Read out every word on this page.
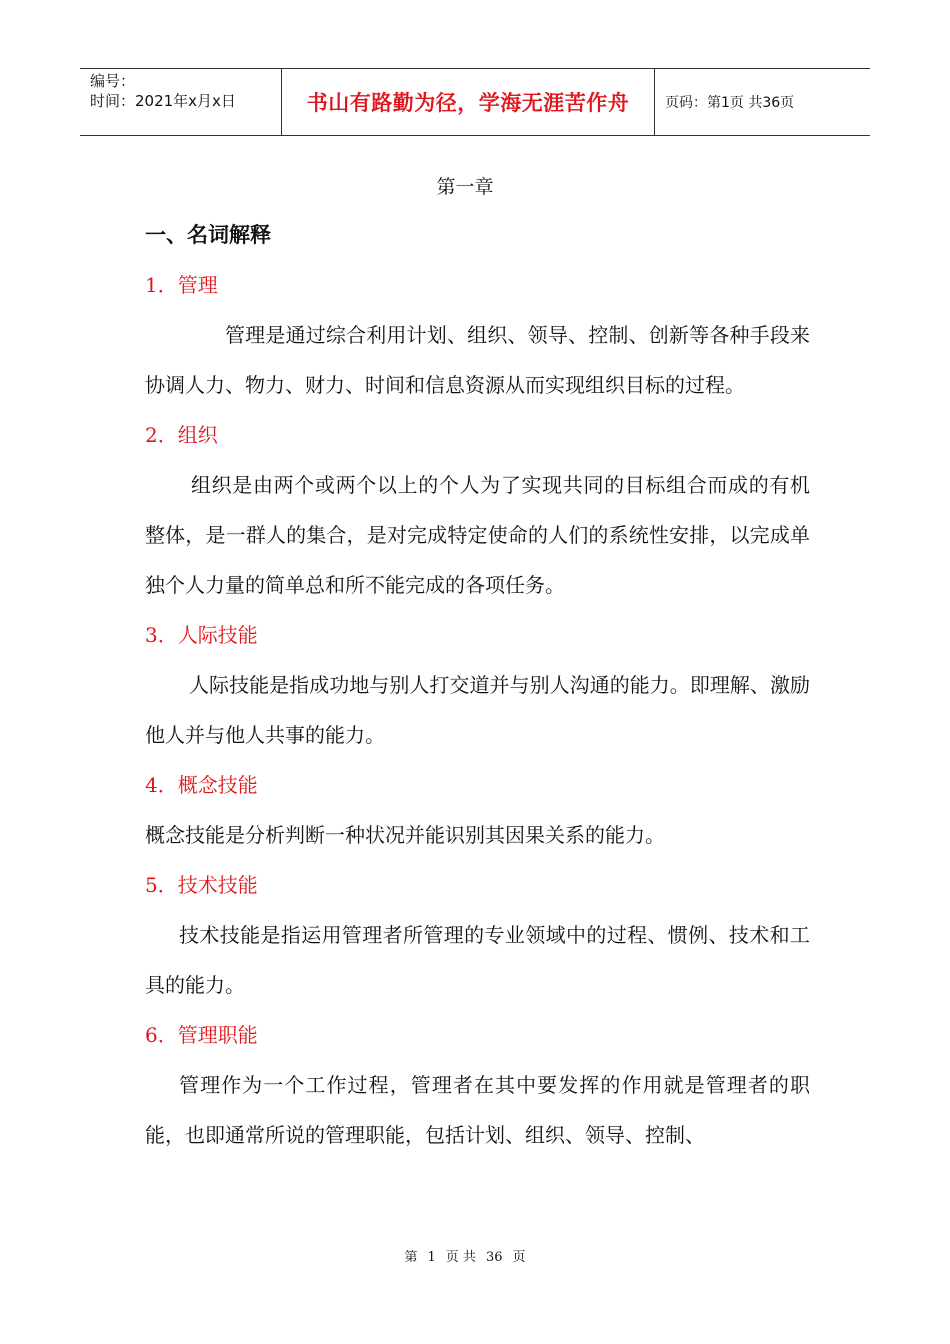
编号：
时间：2021年x月x日	书山有路勤为径，学海无涯苦作舟	页码：第1页 共36页
第一章
一、名词解释
1．管理

管理是通过综合利用计划、组织、领导、控制、创新等各种手段来协调人力、物力、财力、时间和信息资源从而实现组织目标的过程。

2．组织

组织是由两个或两个以上的个人为了实现共同的目标组合而成的有机整体，是一群人的集合，是对完成特定使命的人们的系统性安排，以完成单独个人力量的简单总和所不能完成的各项任务。

3．人际技能

人际技能是指成功地与别人打交道并与别人沟通的能力。即理解、激励他人并与他人共事的能力。

4．概念技能

概念技能是分析判断一种状况并能识别其因果关系的能力。

5．技术技能

技术技能是指运用管理者所管理的专业领域中的过程、惯例、技术和工具的能力。

6．管理职能

管理作为一个工作过程，管理者在其中要发挥的作用就是管理者的职能，也即通常所说的管理职能，包括计划、组织、领导、控制、

第 1 页 共 36 页
